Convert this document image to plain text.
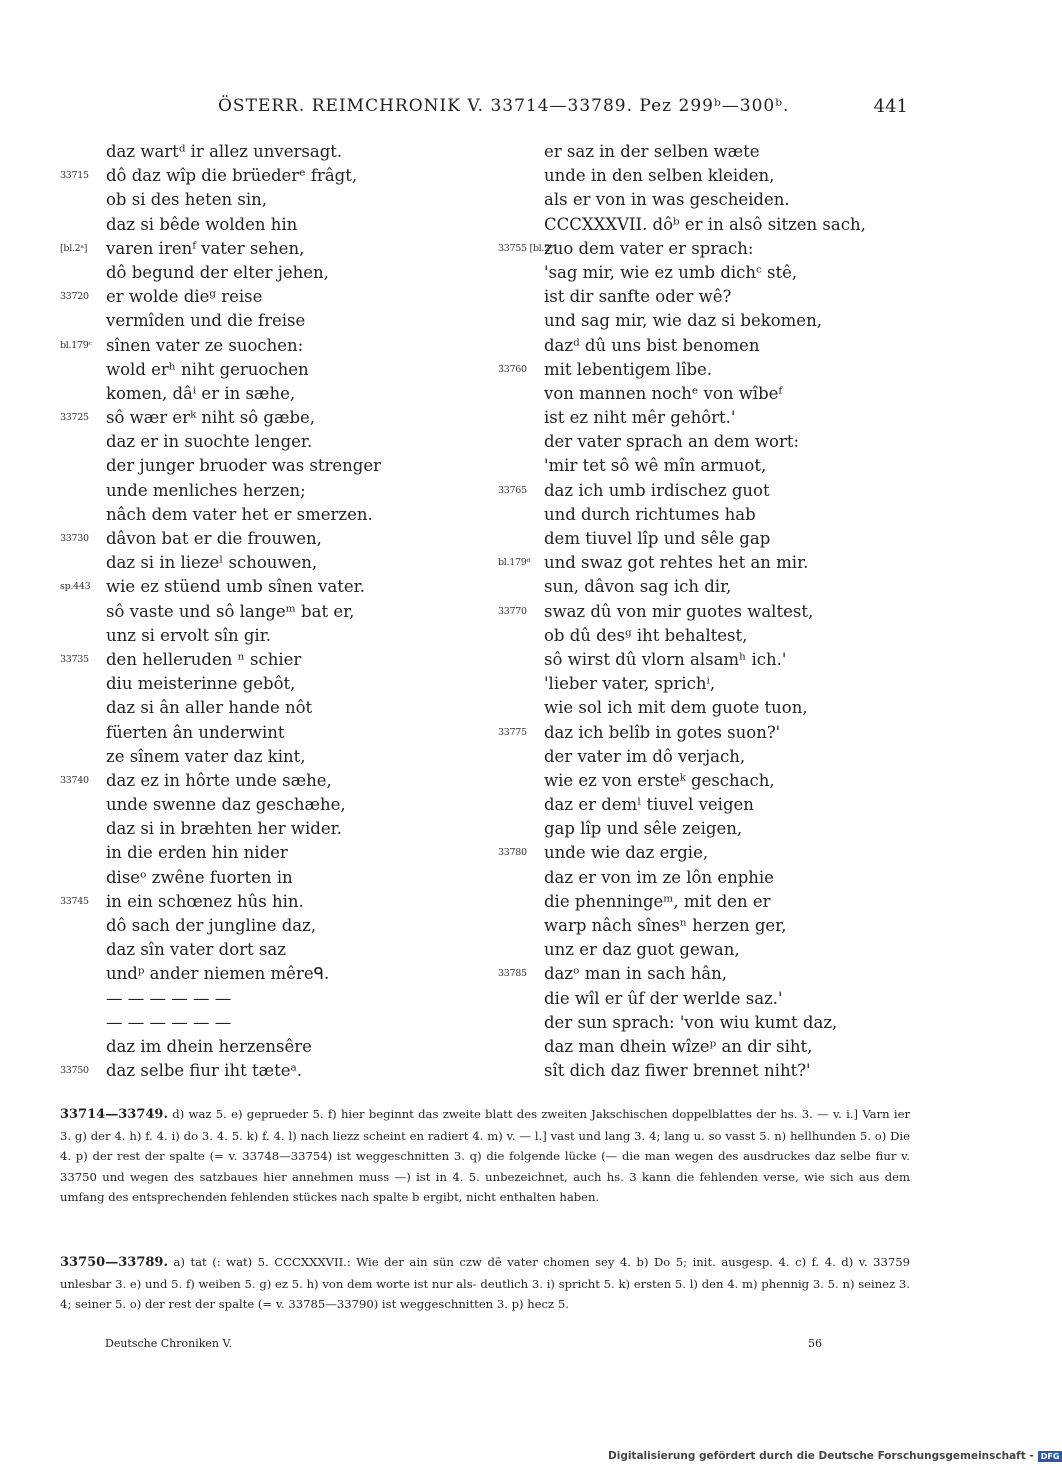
ÖSTERR. REIMCHRONIK V. 33714—33789. Pez 299ᵇ—300ᵇ.	441
daz wartᵈ ir allez unversagt.
33715 dô daz wîp die brüederᵉ frâgt,
ob si des heten sin,
daz si bêde wolden hin
[bl.2ᵃ] varen irenᶠ vater sehen,
dô begund der elter jehen,
33720 er wolde dieᵍ reise
vermîden und die freise
bl.179ᶜ sînen vater ze suochen:
wold erʰ niht geruochen
komen, dâⁱ er in sæhe,
33725 sô wær erᵏ niht sô gæbe,
daz er in suochte lenger.
der junger bruoder was strenger
unde menliches herzen;
nâch dem vater het er smerzen.
33730 dâvon bat er die frouwen,
daz si in liezeˡ schouwen,
sp.443 wie ez stüend umb sînen vater.
sô vaste und sô langeᵐ bat er,
unz si ervolt sîn gir.
33735 den helleruden ⁿ schier
diu meisterinne gebôt,
daz si ân aller hande nôt
füerten ân underwint
ze sînem vater daz kint,
33740 daz ez in hôrte unde sæhe,
unde swenne daz geschæhe,
daz si in bræhten her wider.
in die erden hin nider
diseᵒ zwêne fuorten in
33745 in ein schœnez hûs hin.
dô sach der jungline daz,
daz sîn vater dort saz
undᵖ ander niemen mêreᑫ.
— — — — — —
— — — — — —
daz im dhein herzensêre
33750 daz selbe fiur iht tæteᵃ.
er saz in der selben wæte
unde in den selben kleiden,
als er von in was gescheiden.
CCCXXXVII. dôᵇ er in alsô sitzen sach,
33755 [bl.2ᵇ]
zuo dem vater er sprach:
'sag mir, wie ez umb dichᶜ stê,
ist dir sanfte oder wê?
und sag mir, wie daz si bekomen,
dazᵈ dû uns bist benomen
33760 mit lebentigem lîbe.
von mannen nochᵉ von wîbeᶠ
ist ez niht mêr gehôrt.'
der vater sprach an dem wort:
'mir tet sô wê mîn armuot,
33765 daz ich umb irdischez guot
und durch richtumes hab
dem tiuvel lîp und sêle gap
bl.179ᵈ und swaz got rehtes het an mir.
sun, dâvon sag ich dir,
33770 swaz dû von mir guotes waltest,
ob dû desᵍ iht behaltest,
sô wirst dû vlorn alsamʰ ich.'
'lieber vater, sprichⁱ,
wie sol ich mit dem guote tuon,
33775 daz ich belîb in gotes suon?'
der vater im dô verjach,
wie ez von ersteᵏ geschach,
daz er demˡ tiuvel veigen
gap lîp und sêle zeigen,
33780 unde wie daz ergie,
daz er von im ze lôn enphie
die phenningeᵐ, mit den er
warp nâch sînesⁿ herzen ger,
unz er daz guot gewan,
33785 dazᵒ man in sach hân,
die wîl er ûf der werlde saz.'
der sun sprach: 'von wiu kumt daz,
daz man dhein wîzeᵖ an dir siht,
sît dich daz fiwer brennet niht?'

33714—33749. d) waz 5. e) geprueder 5. f) hier beginnt das zweite blatt des zweiten Jakschischen doppelblattes der hs. 3. — v. i.] Varn ier 3. g) der 4. h) f. 4. i) do 3. 4. 5. k) f. 4. l) nach liezz scheint en radiert 4. m) v. — l.] vast und lang 3. 4; lang u. so vasst 5. n) hellhunden 5. o) Die 4. p) der rest der spalte (= v. 33748—33754) ist weggeschnitten 3. q) die folgende lücke (— die man wegen des ausdruckes daz selbe fiur v. 33750 und wegen des satzbaues hier annehmen muss —) ist in 4. 5. unbezeichnet, auch hs. 3 kann die fehlenden verse, wie sich aus dem umfang des entsprechenden fehlenden stückes nach spalte b ergibt, nicht enthalten haben.

33750—33789. a) tat (: wat) 5. CCCXXXVII.: Wie der ain sün czw dē vater chomen sey 4. b) Do 5; init. ausgesp. 4. c) f. 4. d) v. 33759 unlesbar 3. e) und 5. f) weiben 5. g) ez 5. h) von dem worte ist nur als- deutlich 3. i) spricht 5. k) ersten 5. l) den 4. m) phennig 3. 5. n) seinez 3. 4; seiner 5. o) der rest der spalte (= v. 33785—33790) ist weggeschnitten 3. p) hecz 5.

Deutsche Chroniken V.	56
Digitalisierung gefördert durch die Deutsche Forschungsgemeinschaft - DFG
